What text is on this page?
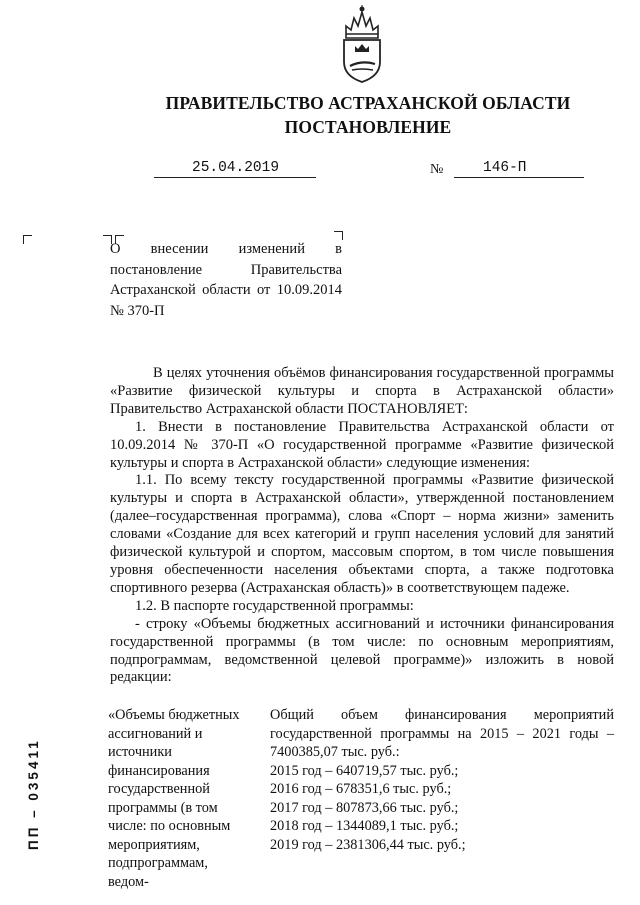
ПРАВИТЕЛЬСТВО АСТРАХАНСКОЙ ОБЛАСТИ
ПОСТАНОВЛЕНИЕ
25.04.2019	№	146-П

О внесении изменений в постановление Правительства Астраханской области от 10.09.2014 № 370-П

В целях уточнения объёмов финансирования государственной программы «Развитие физической культуры и спорта в Астраханской области» Правительство Астраханской области ПОСТАНОВЛЯЕТ:

1. Внести в постановление Правительства Астраханской области от 10.09.2014 № 370-П «О государственной программе «Развитие физической культуры и спорта в Астраханской области» следующие изменения:

1.1. По всему тексту государственной программы «Развитие физической культуры и спорта в Астраханской области», утвержденной постановлением (далее–государственная программа), слова «Спорт – норма жизни» заменить словами «Создание для всех категорий и групп населения условий для занятий физической культурой и спортом, массовым спортом, в том числе повышения уровня обеспеченности населения объектами спорта, а также подготовка спортивного резерва (Астраханская область)» в соответствующем падеже.

1.2. В паспорте государственной программы:

- строку «Объемы бюджетных ассигнований и источники финансирования государственной программы (в том числе: по основным мероприятиям, подпрограммам, ведомственной целевой программе)» изложить в новой редакции:

«Объемы бюджетных ассигнований и источники финансирования государственной программы (в том числе: по основным мероприятиям, подпрограммам, ведом-

Общий объем финансирования мероприятий государственной программы на 2015 – 2021 годы – 7400385,07 тыс. руб.:

2015 год – 640719,57 тыс. руб.;

2016 год – 678351,6 тыс. руб.;

2017 год – 807873,66 тыс. руб.;

2018 год – 1344089,1 тыс. руб.;

2019 год – 2381306,44 тыс. руб.;

ПП – 035411
